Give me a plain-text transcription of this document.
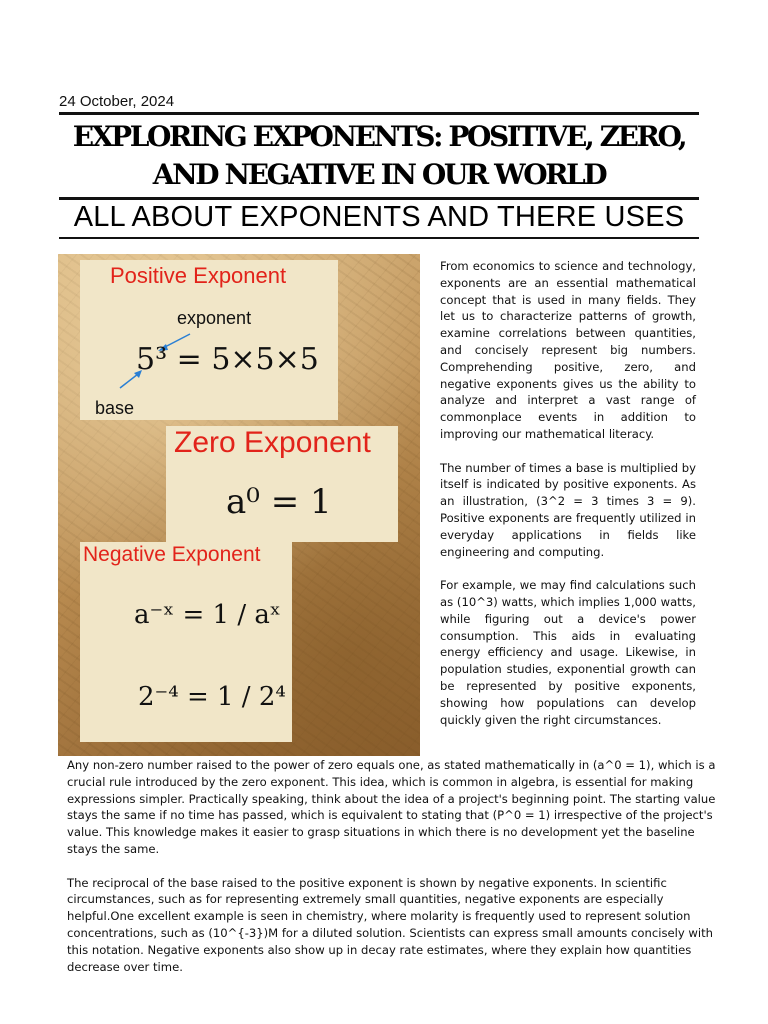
24 October, 2024
EXPLORING EXPONENTS: POSITIVE, ZERO, AND NEGATIVE IN OUR WORLD
ALL ABOUT EXPONENTS AND THERE USES
Positive Exponent
exponent
base
5³ = 5×5×5
Zero Exponent
a⁰ = 1
Negative Exponent
a⁻ˣ = 1 / aˣ
2⁻⁴ = 1 / 2⁴

From economics to science and technology, exponents are an essential mathematical concept that is used in many fields. They let us to characterize patterns of growth, examine correlations between quantities, and concisely represent big numbers. Comprehending positive, zero, and negative exponents gives us the ability to analyze and interpret a vast range of commonplace events in addition to improving our mathematical literacy.

The number of times a base is multiplied by itself is indicated by positive exponents. As an illustration, (3^2 = 3 times 3 = 9). Positive exponents are frequently utilized in everyday applications in fields like engineering and computing.

For example, we may find calculations such as (10^3) watts, which implies 1,000 watts, while figuring out a device's power consumption. This aids in evaluating energy efficiency and usage. Likewise, in population studies, exponential growth can be represented by positive exponents, showing how populations can develop quickly given the right circumstances.

Any non-zero number raised to the power of zero equals one, as stated mathematically in (a^0 = 1), which is a crucial rule introduced by the zero exponent. This idea, which is common in algebra, is essential for making expressions simpler. Practically speaking, think about the idea of a project's beginning point. The starting value stays the same if no time has passed, which is equivalent to stating that (P^0 = 1) irrespective of the project's value. This knowledge makes it easier to grasp situations in which there is no development yet the baseline stays the same.

The reciprocal of the base raised to the positive exponent is shown by negative exponents. In scientific circumstances, such as for representing extremely small quantities, negative exponents are especially helpful.One excellent example is seen in chemistry, where molarity is frequently used to represent solution concentrations, such as (10^{-3})M for a diluted solution. Scientists can express small amounts concisely with this notation. Negative exponents also show up in decay rate estimates, where they explain how quantities decrease over time.
